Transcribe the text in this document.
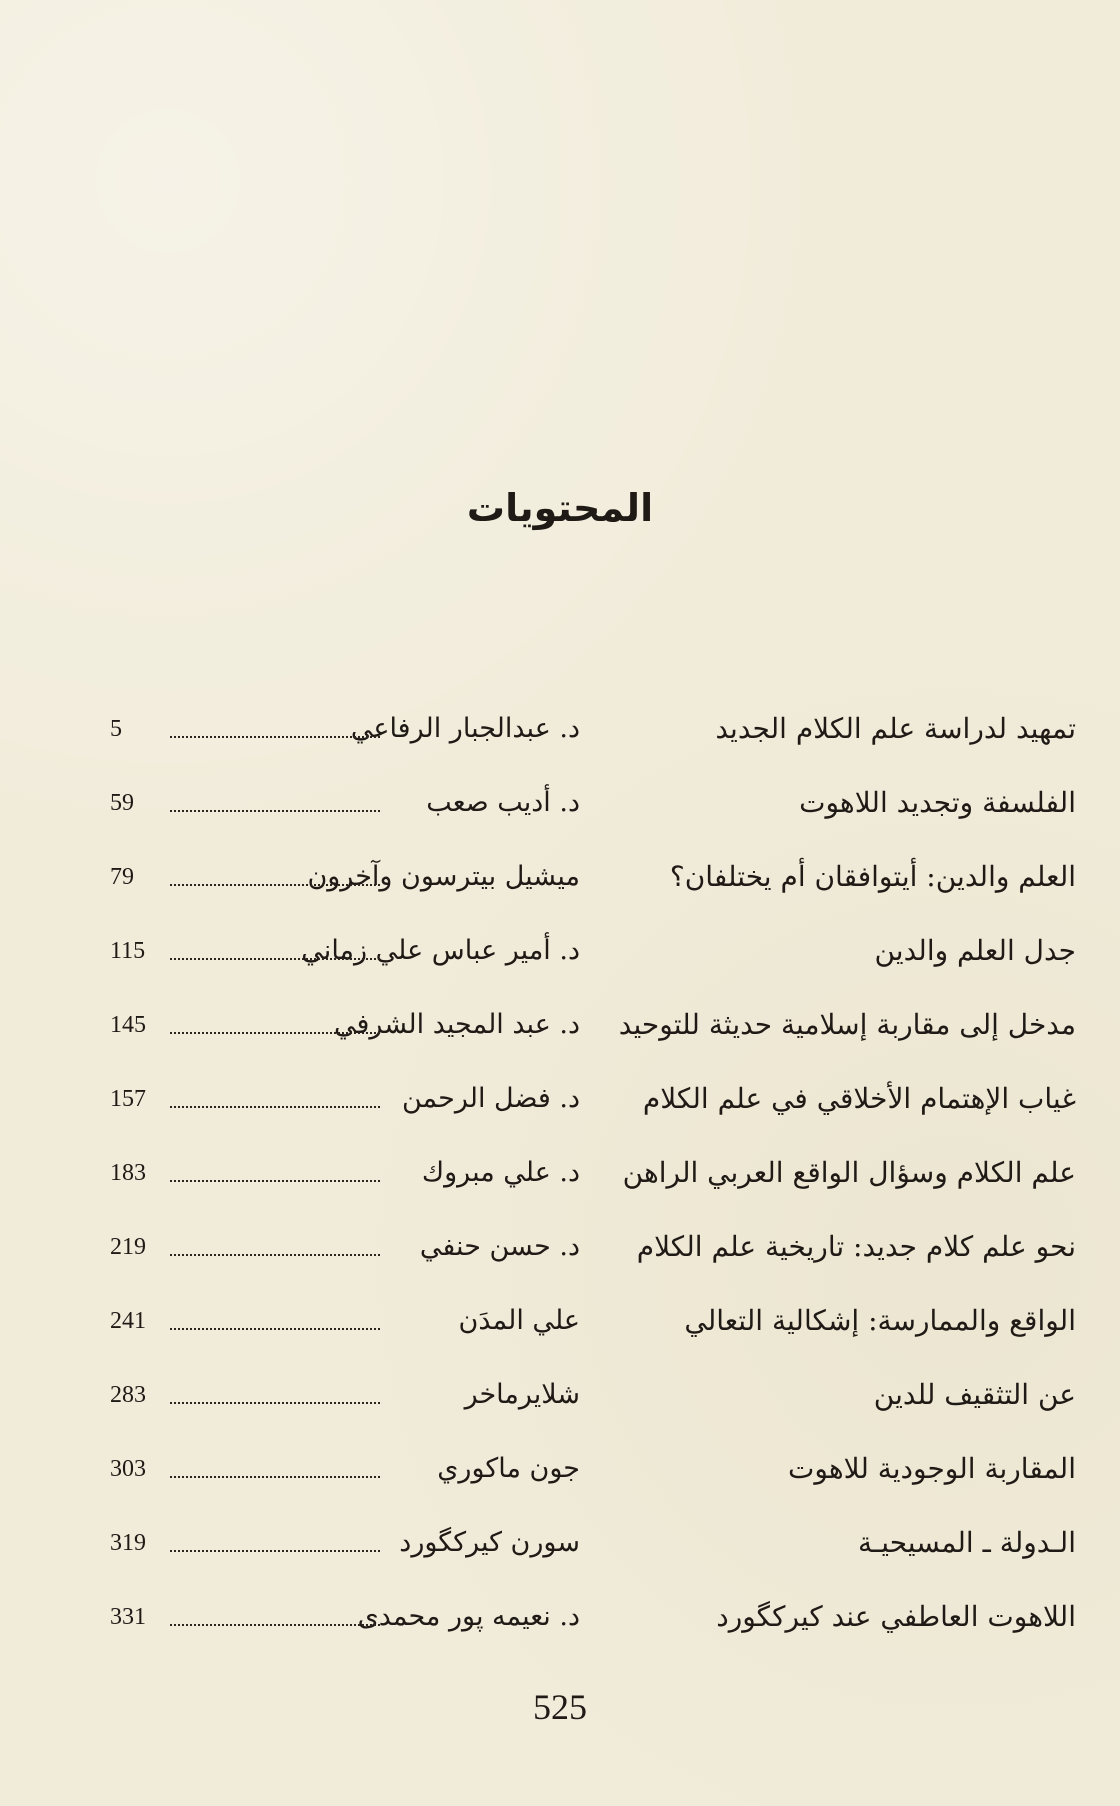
المحتويات
تمهيد لدراسة علم الكلام الجديد
د. عبدالجبار الرفاعي
5
الفلسفة وتجديد اللاهوت
د. أديب صعب
59
العلم والدين: أيتوافقان أم يختلفان؟
ميشيل بيترسون وآخرون
79
جدل العلم والدين
د. أمير عباس علي زماني
115
مدخل إلى مقاربة إسلامية حديثة للتوحيد
د. عبد المجيد الشرفي
145
غياب الإهتمام الأخلاقي في علم الكلام
د. فضل الرحمن
157
علم الكلام وسؤال الواقع العربي الراهن
د. علي مبروك
183
نحو علم كلام جديد: تاريخية علم الكلام
د. حسن حنفي
219
الواقع والممارسة: إشكالية التعالي
علي المدَن
241
عن التثقيف للدين
شلايرماخر
283
المقاربة الوجودية للاهوت
جون ماكوري
303
الـدولة ـ المسيحيـة
سورن كيركگورد
319
اللاهوت العاطفي عند كيركگورد
د. نعيمه پور محمدى
331
525
